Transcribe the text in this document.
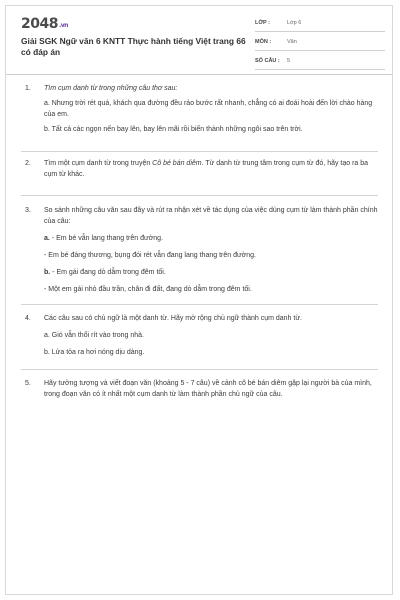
2048.vn
Giải SGK Ngữ văn 6 KNTT Thực hành tiếng Việt trang 66 có đáp án
LỚP :	Lớp 6
MÔN :	Văn
SỐ CÂU : 5
1. Tìm cụm danh từ trong những câu thơ sau:
a. Nhưng trời rét quá, khách qua đường đều rảo bước rất nhanh, chẳng có ai đoái hoài đến lời chào hàng của em.
b. Tất cả các ngọn nến bay lên, bay lên mãi rồi biến thành những ngôi sao trên trời.
2. Tìm một cụm danh từ trong truyện Cô bé bán diêm. Từ danh từ trung tâm trong cụm từ đó, hãy tạo ra ba cụm từ khác.
3. So sánh những câu văn sau đây và rút ra nhận xét về tác dụng của việc dùng cụm từ làm thành phần chính của câu:
a. - Em bé vẫn lang thang trên đường.
- Em bé đáng thương, bụng đói rét vẫn đang lang thang trên đường.
b. - Em gái đang dò dẫm trong đêm tối.
- Một em gái nhỏ đầu trần, chân đi đất, đang dò dẫm trong đêm tối.
4. Các câu sau có chủ ngữ là một danh từ. Hãy mở rộng chủ ngữ thành cụm danh từ.
a. Gió vẫn thổi rít vào trong nhà.
b. Lửa tỏa ra hơi nóng dịu dàng.
5. Hãy tưởng tượng và viết đoạn văn (khoảng 5 - 7 câu) về cảnh cô bé bán diêm gặp lại người bà của mình, trong đoạn văn có ít nhất một cụm danh từ làm thành phần chủ ngữ của câu.
